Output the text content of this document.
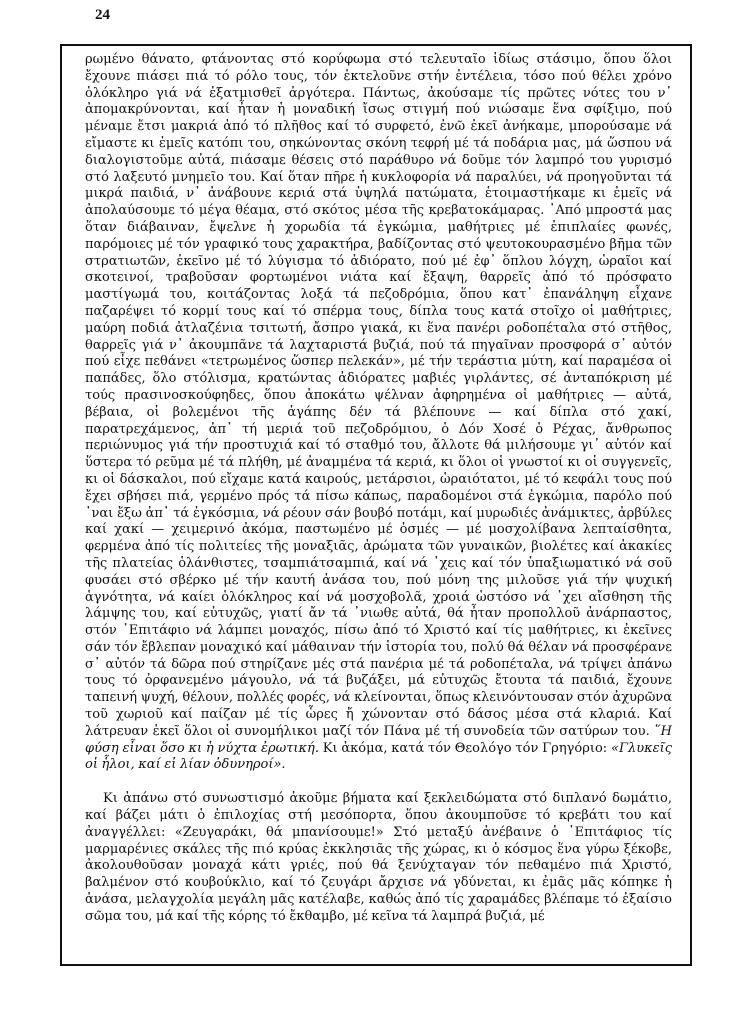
24

ρωμένο θάνατο, φτάνοντας στό κορύφωμα στό τελευταῖο ἰδίως στάσιμο, ὅπου ὅλοι ἔχουνε πιάσει πιά τό ρόλο τους, τόν ἐκτελοῦνε στήν ἐντέλεια, τόσο πού θέλει χρόνο ὁλόκληρο γιά νά ἐξατμισθεῖ ἀργότερα. Πάντως, ἀκούσαμε τίς πρῶτες νότες του ν᾿ ἀπομακρύνονται, καί ἦταν ἡ μοναδική ἴσως στιγμή πού νιώσαμε ἕνα σφίξιμο, πού μέναμε ἔτσι μακριά ἀπό τό πλῆθος καί τό συρφετό, ἐνῶ ἐκεῖ ἀνήκαμε, μπορούσαμε νά εἴμαστε κι ἐμεῖς κατόπι του, σηκώνοντας σκόνη τεφρή μέ τά ποδάρια μας, μά ὥσπου νά διαλογιστοῦμε αὐτά, πιάσαμε θέσεις στό παράθυρο νά δοῦμε τόν λαμπρό του γυρισμό στό λαξευτό μνημεῖο του. Καί ὅταν πῆρε ἡ κυκλοφορία νά παραλύει, νά προηγοῦνται τά μικρά παιδιά, ν᾿ ἀνάβουνε κεριά στά ὑψηλά πατώματα, ἑτοιμαστήκαμε κι ἐμεῖς νά ἀπολαύσουμε τό μέγα θέαμα, στό σκότος μέσα τῆς κρεβατοκάμαρας. ᾿Από μπροστά μας ὅταν διάβαιναν, ἔψελνε ἡ χορωδία τά ἐγκώμια, μαθήτριες μέ ἐπιπλαίες φωνές, παρόμοιες μέ τόν γραφικό τους χαρακτήρα, βαδίζοντας στό ψευτοκουρασμένο βῆμα τῶν στρατιωτῶν, ἐκεῖνο μέ τό λύγισμα τό ἀδιόρατο, πού μέ ἐφ᾿ ὅπλου λόγχη, ὡραῖοι καί σκοτεινοί, τραβοῦσαν φορτωμένοι νιάτα καί ἔξαψη, θαρρεῖς ἀπό τό πρόσφατο μαστίγωμά του, κοιτάζοντας λοξά τά πεζοδρόμια, ὅπου κατ᾿ ἐπανάληψη εἶχανε παζαρέψει τό κορμί τους καί τό σπέρμα τους, δίπλα τους κατά στοῖχο οἱ μαθήτριες, μαύρη ποδιά ἀτλαζένια τσιτωτή, ἄσπρο γιακά, κι ἕνα πανέρι ροδοπέταλα στό στῆθος, θαρρεῖς γιά ν᾿ ἀκουμπᾶνε τά λαχταριστά βυζιά, πού τά πηγαῖναν προσφορά σ᾿ αὐτόν πού εἶχε πεθάνει «τετρωμένος ὥσπερ πελεκάν», μέ τήν τεράστια μύτη, καί παραμέσα οἱ παπάδες, ὅλο στόλισμα, κρατώντας ἀδιόρατες μαβιές γιρλάντες, σέ ἀνταπόκριση μέ τούς πρασινοσκούφηδες, ὅπου ἀποκάτω ψέλναν ἀφηρημένα οἱ μαθήτριες — αὐτά, βέβαια, οἱ βολεμένοι τῆς ἀγάπης δέν τά βλέπουνε — καί δίπλα στό χακί, παρατρεχάμενος, ἀπ᾿ τή μεριά τοῦ πεζοδρόμιου, ὁ Δόν Χοσέ ὁ Ρέχας, ἄνθρωπος περιώνυμος γιά τήν προστυχιά καί τό σταθμό του, ἄλλοτε θά μιλήσουμε γι᾿ αὐτόν καί ὕστερα τό ρεῦμα μέ τά πλήθη, μέ ἀναμμένα τά κεριά, κι ὅλοι οἱ γνωστοί κι οἱ συγγενεῖς, κι οἱ δάσκαλοι, πού εἴχαμε κατά καιρούς, μετάρσιοι, ὡραιότατοι, μέ τό κεφάλι τους πού ἔχει σβήσει πιά, γερμένο πρός τά πίσω κάπως, παραδομένοι στά ἐγκώμια, παρόλο πού ᾿ναι ἔξω ἀπ᾿ τά ἐγκόσμια, νά ρέουν σάν βουβό ποτάμι, καί μυρωδιές ἀνάμικτες, ἀρβύλες καί χακί — χειμερινό ἀκόμα, παστωμένο μέ ὀσμές — μέ μοσχολίβανα λεπταίσθητα, φερμένα ἀπό τίς πολιτείες τῆς μοναξιᾶς, ἀρώματα τῶν γυναικῶν, βιολέτες καί ἀκακίες τῆς πλατείας ὁλάνθιστες, τσαμπιάτσαμπιά, καί νά ᾿χεις καί τόν ὑπαξιωματικό νά σοῦ φυσάει στό σβέρκο μέ τήν καυτή ἀνάσα του, πού μόνη της μιλοῦσε γιά τήν ψυχική ἁγνότητα, νά καίει ὁλόκληρος καί νά μοσχοβολᾶ, χροιά ὡστόσο νά ᾿χει αἴσθηση τῆς λάμψης του, καί εὐτυχῶς, γιατί ἄν τά ᾿νιωθε αὐτά, θά ἦταν προπολλοῦ ἀνάρπαστος, στόν ᾿Επιτάφιο νά λάμπει μοναχός, πίσω ἀπό τό Χριστό καί τίς μαθήτριες, κι ἐκεῖνες σάν τόν ἔβλεπαν μοναχικό καί μάθαιναν τήν ἱστορία του, πολύ θά θέλαν νά προσφέρανε σ᾿ αὐτόν τά δῶρα πού στηρίζανε μές στά πανέρια μέ τά ροδοπέταλα, νά τρίψει ἀπάνω τους τό ὀρφανεμένο μάγουλο, νά τά βυζάξει, μά εὐτυχῶς ἔτουτα τά παιδιά, ἔχουνε ταπεινή ψυχή, θέλουν, πολλές φορές, νά κλείνονται, ὅπως κλεινόντουσαν στόν ἀχυρῶνα τοῦ χωριοῦ καί παίζαν μέ τίς ὧρες ἤ χώνονταν στό δάσος μέσα στά κλαριά. Καί λάτρευαν ἐκεῖ ὅλοι οἱ συνομήλικοι μαζί τόν Πάνα μέ τή συνοδεία τῶν σατύρων του. ῞Η φύση εἶναι ὅσο κι ἡ νύχτα ἐρωτική. Κι ἀκόμα, κατά τόν Θεολόγο τόν Γρηγόριο: «Γλυκεῖς οἱ ἧλοι, καί εἰ λίαν ὀδυνηροί».

Κι ἀπάνω στό συνωστισμό ἀκοῦμε βήματα καί ξεκλειδώματα στό διπλανό δωμάτιο, καί βάζει μάτι ὁ ἐπιλοχίας στή μεσόπορτα, ὅπου ἀκουμποῦσε τό κρεβάτι του καί ἀναγγέλλει: «Ζευγαράκι, θά μπανίσουμε!» Στό μεταξύ ἀνέβαινε ὁ ᾿Επιτάφιος τίς μαρμαρένιες σκάλες τῆς πιό κρύας ἐκκλησιᾶς τῆς χώρας, κι ὁ κόσμος ἕνα γύρω ξέκοβε, ἀκολουθοῦσαν μοναχά κάτι γριές, πού θά ξενύχταγαν τόν πεθαμένο πιά Χριστό, βαλμένον στό κουβούκλιο, καί τό ζευγάρι ἄρχισε νά γδύνεται, κι ἐμᾶς μᾶς κόπηκε ἡ ἀνάσα, μελαγχολία μεγάλη μᾶς κατέλαβε, καθώς ἀπό τίς χαραμάδες βλέπαμε τό ἐξαίσιο σῶμα του, μά καί τῆς κόρης τό ἔκθαμβο, μέ κεῖνα τά λαμπρά βυζιά, μέ
